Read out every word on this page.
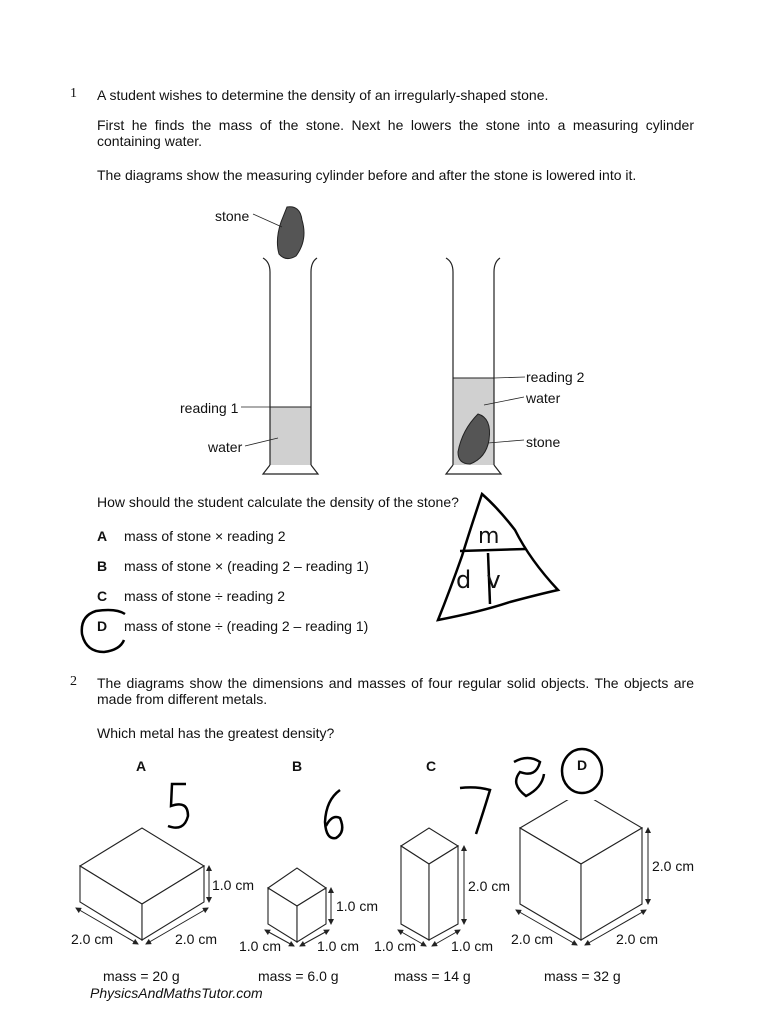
1 A student wishes to determine the density of an irregularly-shaped stone.
First he finds the mass of the stone. Next he lowers the stone into a measuring cylinder containing water.
The diagrams show the measuring cylinder before and after the stone is lowered into it.
stone
reading 1
water
reading 2
water
stone
How should the student calculate the density of the stone?
A mass of stone × reading 2
B mass of stone × (reading 2 – reading 1)
C mass of stone ÷ reading 2
D mass of stone ÷ (reading 2 – reading 1)
m
d  v
2 The diagrams show the dimensions and masses of four regular solid objects. The objects are made from different metals.
Which metal has the greatest density?
A	B	C	D
1.0 cm
2.0 cm	2.0 cm
1.0 cm
1.0 cm	1.0 cm
2.0 cm
1.0 cm 1.0 cm
2.0 cm
2.0 cm	2.0 cm
mass = 20 g	mass = 6.0 g	mass = 14 g	mass = 32 g
PhysicsAndMathsTutor.com
